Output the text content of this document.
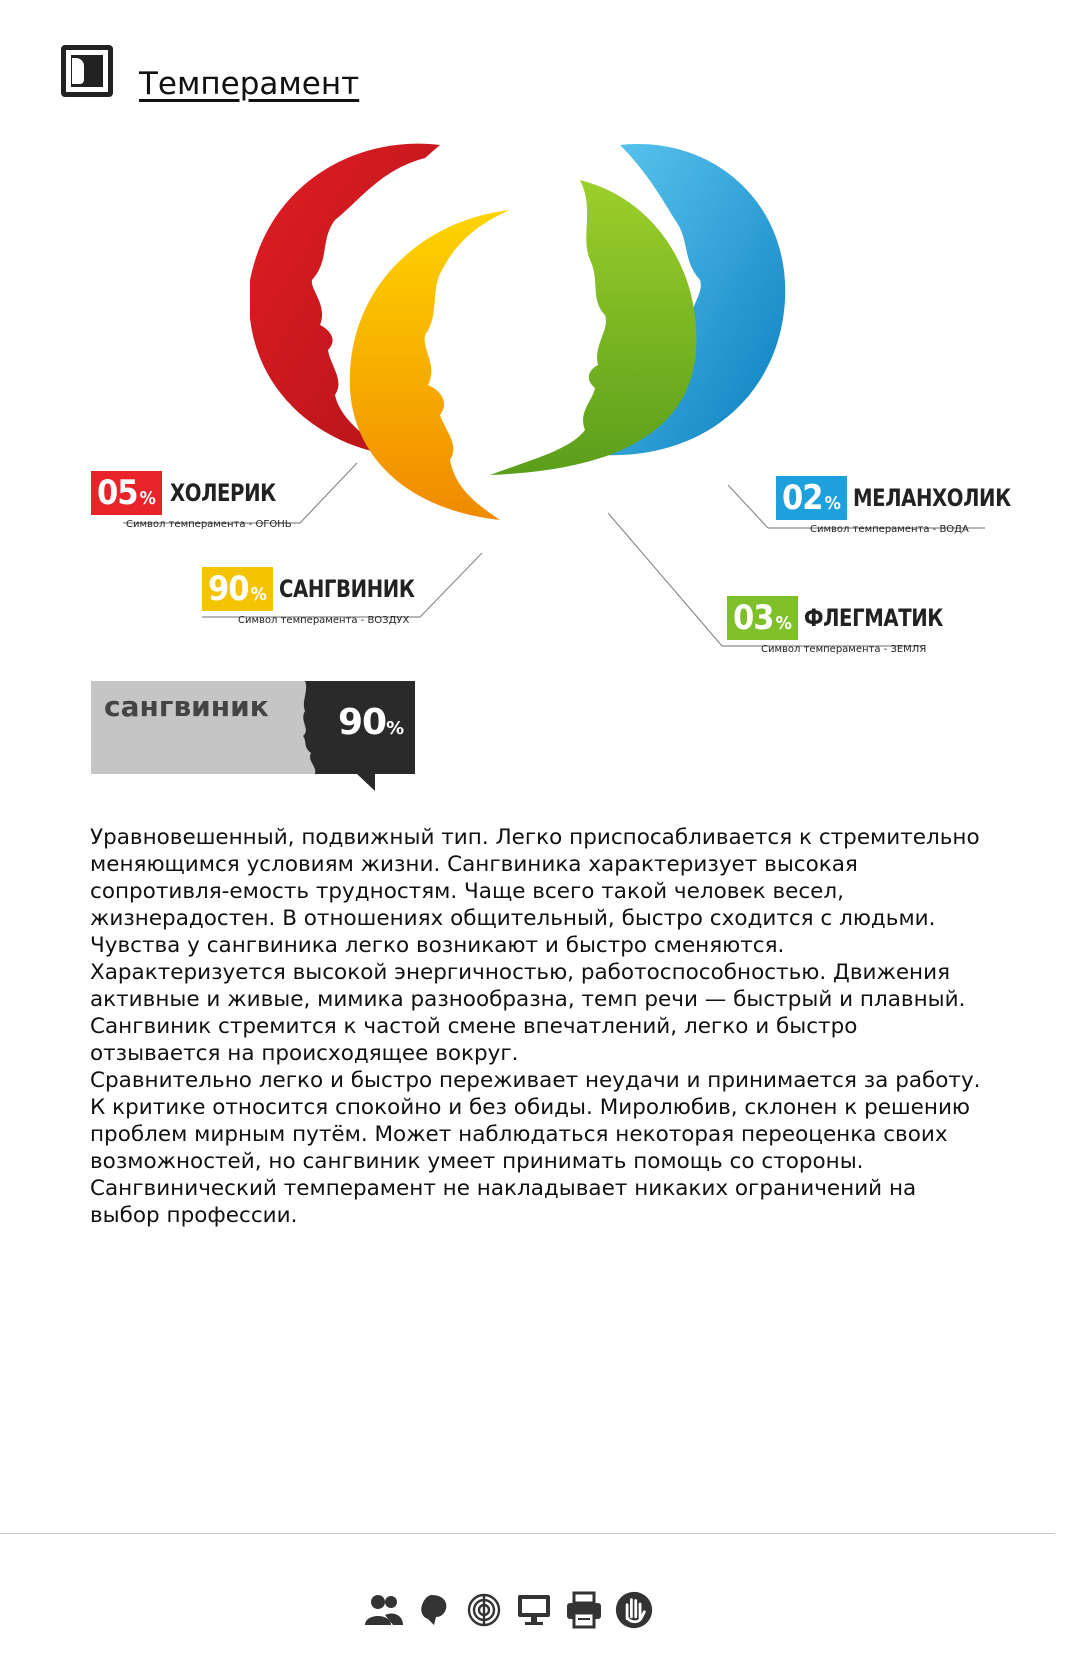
Темперамент
05 % ХОЛЕРИК
Символ темперамента - ОГОНЬ
90 % САНГВИНИК
Символ темперамента - ВОЗДУХ
02 % МЕЛАНХОЛИК
Символ темперамента - ВОДА
03 % ФЛЕГМАТИК
Символ темперамента - ЗЕМЛЯ
сангвиник 90%

Уравновешенный, подвижный тип. Легко приспосабливается к стремительно меняющимся условиям жизни. Сангвиника характеризует высокая сопротивля-емость трудностям. Чаще всего такой человек весел, жизнерадостен. В отношениях общительный, быстро сходится с людьми. Чувства у сангвиника легко возникают и быстро сменяются.

Характеризуется высокой энергичностью, работоспособностью. Движения активные и живые, мимика разнообразна, темп речи — быстрый и плавный. Сангвиник стремится к частой смене впечатлений, легко и быстро отзывается на происходящее вокруг.

Сравнительно легко и быстро переживает неудачи и принимается за работу. К критике относится спокойно и без обиды. Миролюбив, склонен к решению проблем мирным путём. Может наблюдаться некоторая переоценка своих возможностей, но сангвиник умеет принимать помощь со стороны.

Сангвинический темперамент не накладывает никаких ограничений на выбор профессии.
